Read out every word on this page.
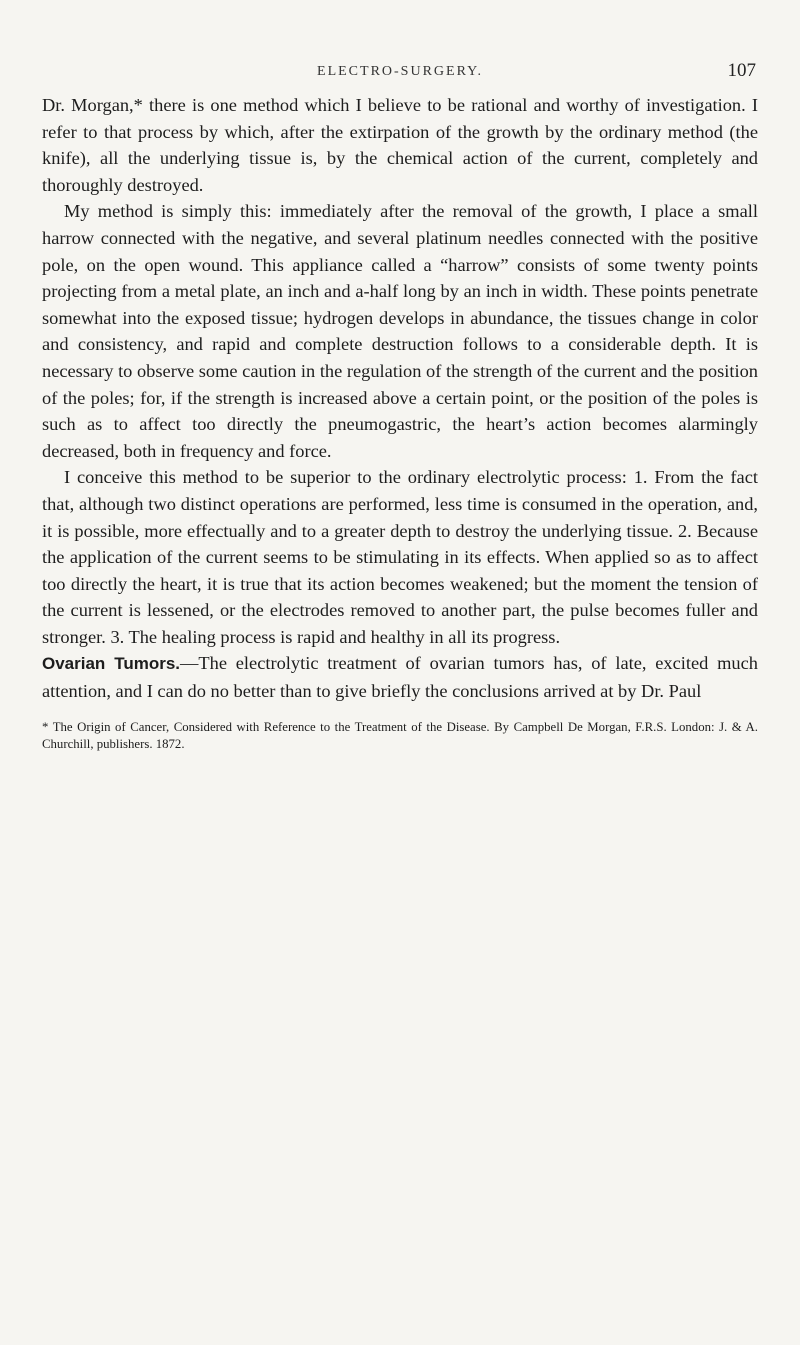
ELECTRO-SURGERY.	107

Dr. Morgan,* there is one method which I believe to be rational and worthy of investigation. I refer to that process by which, after the extirpation of the growth by the ordinary method (the knife), all the underlying tissue is, by the chemical action of the current, completely and thoroughly destroyed.

My method is simply this: immediately after the removal of the growth, I place a small harrow connected with the negative, and several platinum needles connected with the positive pole, on the open wound. This appliance called a “harrow” consists of some twenty points projecting from a metal plate, an inch and a-half long by an inch in width. These points penetrate somewhat into the exposed tissue; hydrogen develops in abundance, the tissues change in color and consistency, and rapid and complete destruction follows to a considerable depth. It is necessary to observe some caution in the regulation of the strength of the current and the position of the poles; for, if the strength is increased above a certain point, or the position of the poles is such as to affect too directly the pneumogastric, the heart’s action becomes alarmingly decreased, both in frequency and force.

I conceive this method to be superior to the ordinary electrolytic process: 1. From the fact that, although two distinct operations are performed, less time is consumed in the operation, and, it is possible, more effectually and to a greater depth to destroy the underlying tissue. 2. Because the application of the current seems to be stimulating in its effects. When applied so as to affect too directly the heart, it is true that its action becomes weakened; but the moment the tension of the current is lessened, or the electrodes removed to another part, the pulse becomes fuller and stronger. 3. The healing process is rapid and healthy in all its progress.

Ovarian Tumors.—The electrolytic treatment of ovarian tumors has, of late, excited much attention, and I can do no better than to give briefly the conclusions arrived at by Dr. Paul

* The Origin of Cancer, Considered with Reference to the Treatment of the Disease. By Campbell De Morgan, F.R.S. London: J. & A. Churchill, publishers. 1872.
